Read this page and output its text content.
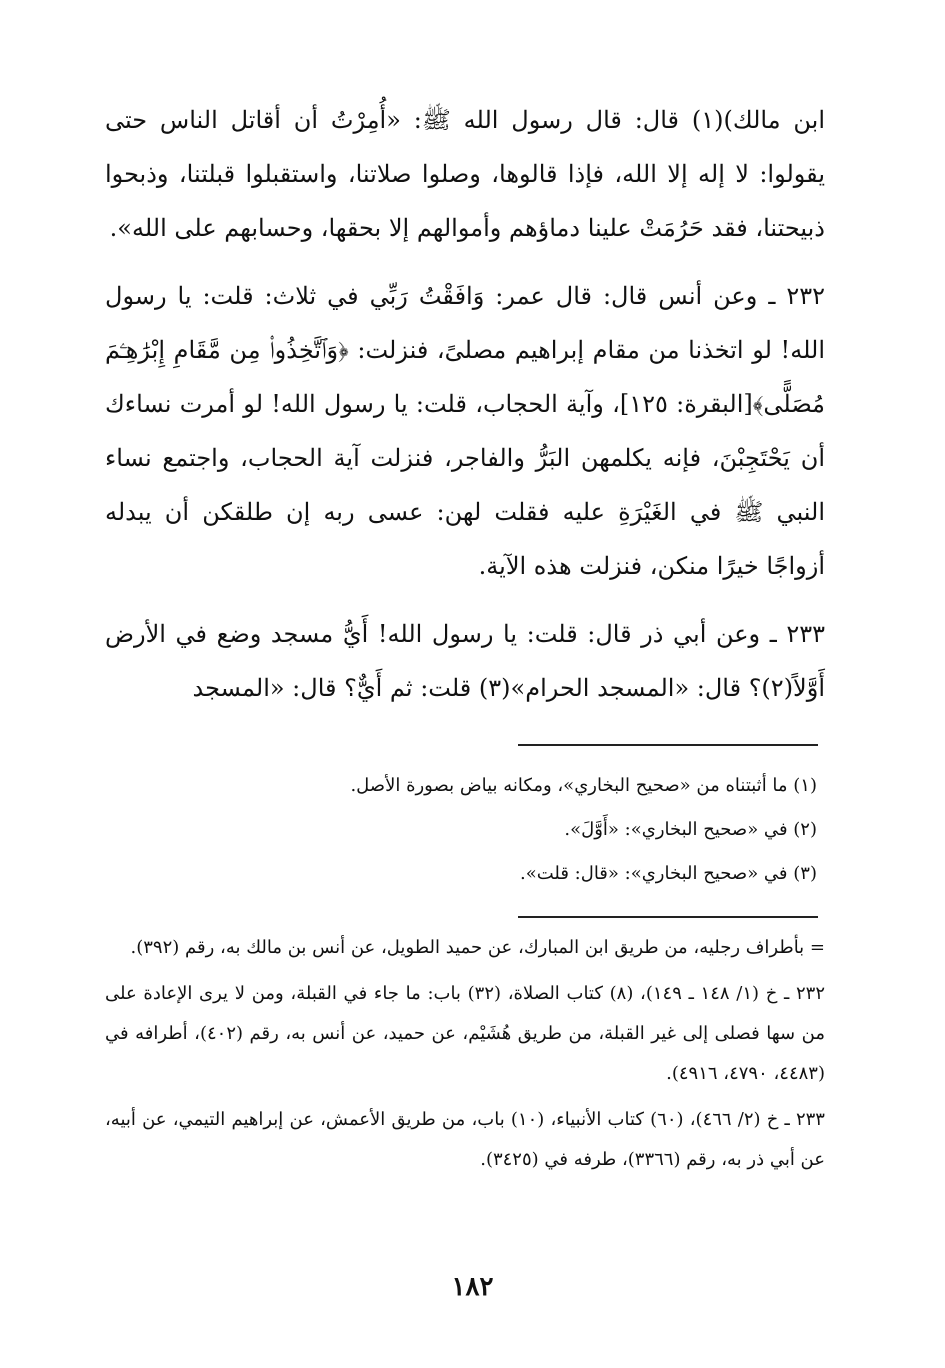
ابن مالك)(١) قال: قال رسول الله ﷺ: «أُمِرْتُ أن أقاتل الناس حتى يقولوا: لا إله إلا الله، فإذا قالوها، وصلوا صلاتنا، واستقبلوا قبلتنا، وذبحوا ذبيحتنا، فقد حَرُمَتْ علينا دماؤهم وأموالهم إلا بحقها، وحسابهم على الله».

٢٣٢ ـ وعن أنس قال: قال عمر: وَافَقْتُ رَبِّي في ثلاث: قلت: يا رسول الله! لو اتخذنا من مقام إبراهيم مصلىً، فنزلت: ﴿وَٱتَّخِذُوا۟ مِن مَّقَامِ إِبْرَٰهِـۧمَ مُصَلًّى﴾[البقرة: ١٢٥]، وآية الحجاب، قلت: يا رسول الله! لو أمرت نساءك أن يَحْتَجِبْنَ، فإنه يكلمهن البَرُّ والفاجر، فنزلت آية الحجاب، واجتمع نساء النبي ﷺ في الغَيْرَةِ عليه فقلت لهن: عسى ربه إن طلقكن أن يبدله أزواجًا خيرًا منكن، فنزلت هذه الآية.

٢٣٣ ـ وعن أبي ذر قال: قلت: يا رسول الله! أَيُّ مسجد وضع في الأرض أَوَّلاً(٢)؟ قال: «المسجد الحرام»(٣) قلت: ثم أَيٌّ؟ قال: «المسجد

(١) ما أثبتناه من «صحيح البخاري»، ومكانه بياض بصورة الأصل.

(٢) في «صحيح البخاري»: «أَوَّلَ».

(٣) في «صحيح البخاري»: «قال: قلت».

= بأطراف رجليه، من طريق ابن المبارك، عن حميد الطويل، عن أنس بن مالك به، رقم (٣٩٢).

٢٣٢ ـ خ (١/ ١٤٨ ـ ١٤٩)، (٨) كتاب الصلاة، (٣٢) باب: ما جاء في القبلة، ومن لا يرى الإعادة على من سها فصلى إلى غير القبلة، من طريق هُشَيْم، عن حميد، عن أنس به، رقم (٤٠٢)، أطرافه في (٤٤٨٣، ٤٧٩٠، ٤٩١٦).

٢٣٣ ـ خ (٢/ ٤٦٦)، (٦٠) كتاب الأنبياء، (١٠) باب، من طريق الأعمش، عن إبراهيم التيمي، عن أبيه، عن أبي ذر به، رقم (٣٣٦٦)، طرفه في (٣٤٢٥).

١٨٢
